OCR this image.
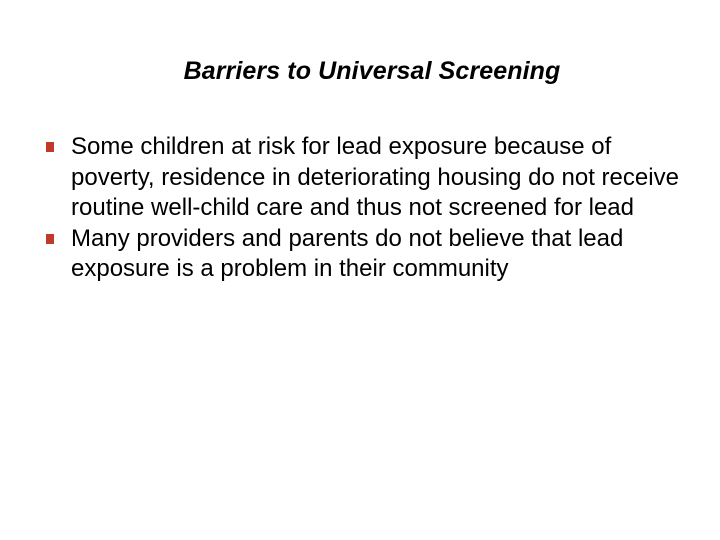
Barriers to Universal Screening
Some children at risk for lead exposure because of poverty, residence in deteriorating housing do not receive routine well-child care and thus not screened for lead
Many providers and parents do not believe that lead exposure is a problem in their community
